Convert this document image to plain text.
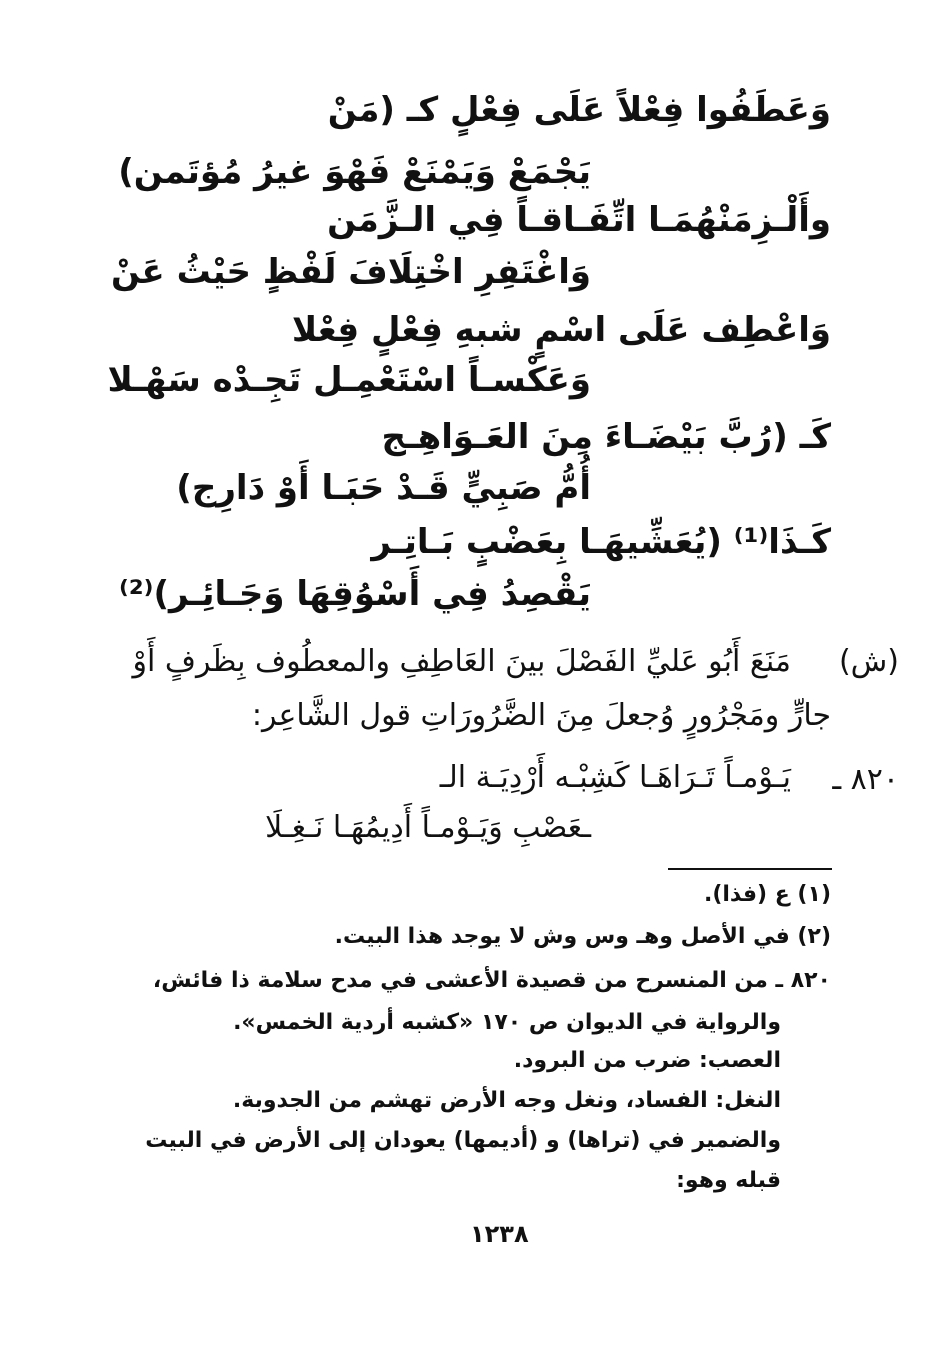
وَعَطَفُوا فِعْلاً عَلَى فِعْلٍ كـ (مَنْ
يَجْمَعْ وَيَمْنَعْ فَهْوَ غيرُ مُؤتَمن)
وأَلْـزِمَنْهُمَـا اتِّفَـاقـاً فِي الـزَّمَن
وَاغْتَفِرِ اخْتِلَافَ لَفْظٍ حَيْثُ عَنْ
وَاعْطِف عَلَى اسْمٍ شبهِ فِعْلٍ فِعْلا
وَعَكْسـاً اسْتَعْمِـل تَجِـدْه سَهْـلا
كَـ (رُبَّ بَيْضَـاءَ مِنَ العَـوَاهِـج
أُمُّ صَبِيٍّ قَـدْ حَبَـا أَوْ دَارِج)
كَـذَا⁽¹⁾ (يُعَشِّيهَـا بِعَضْبٍ بَـاتِـر
يَقْصِدُ فِي أَسْوُقِهَا وَجَـائِـر)⁽²⁾
(ش)
مَنَعَ أَبُو عَليِّ الفَصْلَ بينَ العَاطِفِ والمعطُوف بِظَرفٍ أَوْ
جارٍّ ومَجْرُورٍ وُجعلَ مِنَ الضَّرُورَاتِ قول الشَّاعِر:
٨٢٠ ـ
يَـوْمـاً تَـرَاهَـا كَشِبْـه أَرْدِيَـة الـ
ـعَصْبِ وَيَـوْمـاً أَدِيمُهَـا نَـغِـلَا
(١) ع (فذا).
(٢) في الأصل وهـ وس وش لا يوجد هذا البيت.
٨٢٠ ـ من المنسرح من قصيدة الأعشى في مدح سلامة ذا فائش،
والرواية في الديوان ص ١٧٠ «كشبه أردية الخمس».
العصب: ضرب من البرود.
النغل: الفساد، ونغل وجه الأرض تهشم من الجدوبة.
والضمير في (تراها) و (أديمها) يعودان إلى الأرض في البيت
قبله وهو:
١٢٣٨
